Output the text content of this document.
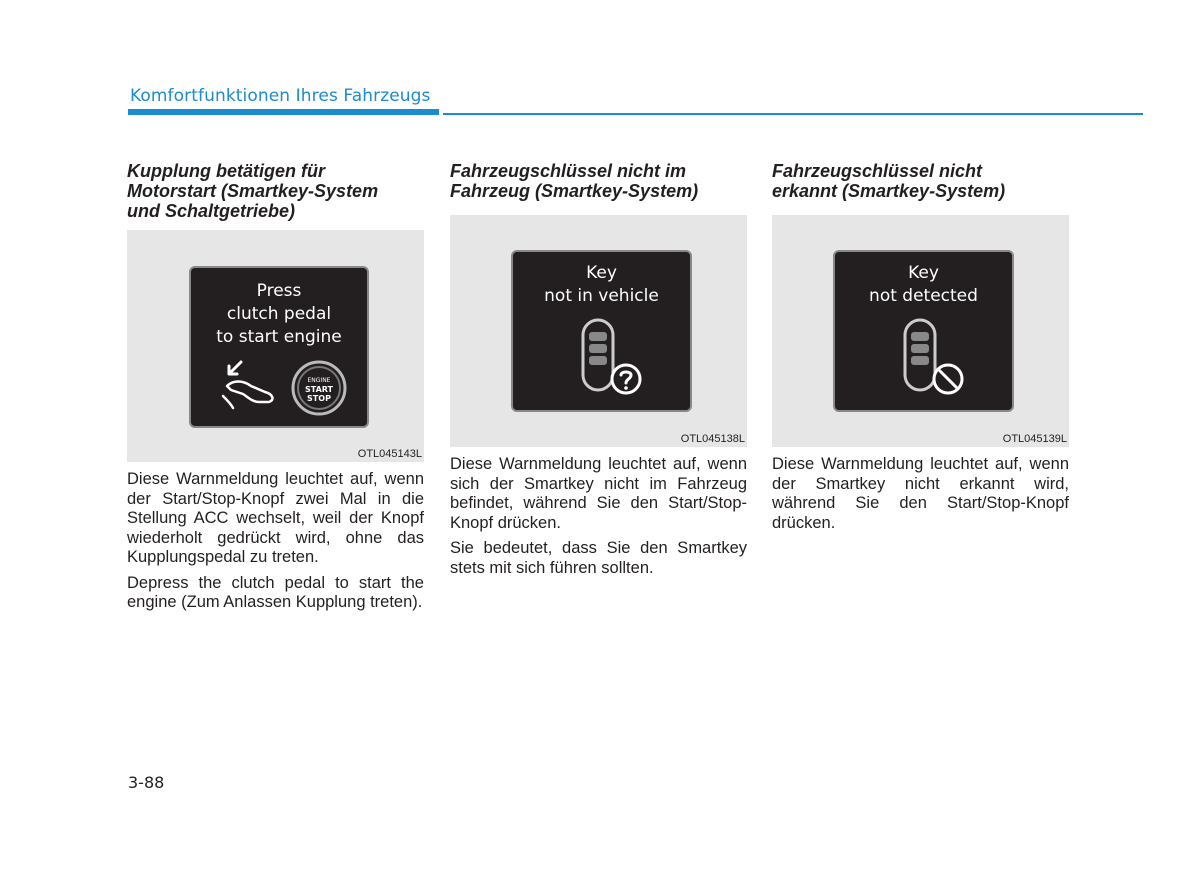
Komfortfunktionen Ihres Fahrzeugs
Kupplung betätigen für
Motorstart (Smartkey-System
und Schaltgetriebe)
Press
clutch pedal
to start engine
ENGINE
START
STOP
OTL045143L

Diese Warnmeldung leuchtet auf, wenn der Start/Stop-Knopf zwei Mal in die Stellung ACC wechselt, weil der Knopf wiederholt gedrückt wird, ohne das Kupplungspedal zu treten.

Depress the clutch pedal to start the engine (Zum Anlassen Kupplung treten).

Fahrzeugschlüssel nicht im
Fahrzeug (Smartkey-System)
Key
not in vehicle
OTL045138L

Diese Warnmeldung leuchtet auf, wenn sich der Smartkey nicht im Fahrzeug befindet, während Sie den Start/Stop-Knopf drücken.

Sie bedeutet, dass Sie den Smartkey stets mit sich führen sollten.

Fahrzeugschlüssel nicht
erkannt (Smartkey-System)
Key
not detected
OTL045139L

Diese Warnmeldung leuchtet auf, wenn der Smartkey nicht erkannt wird, während Sie den Start/Stop-Knopf drücken.

3-88
